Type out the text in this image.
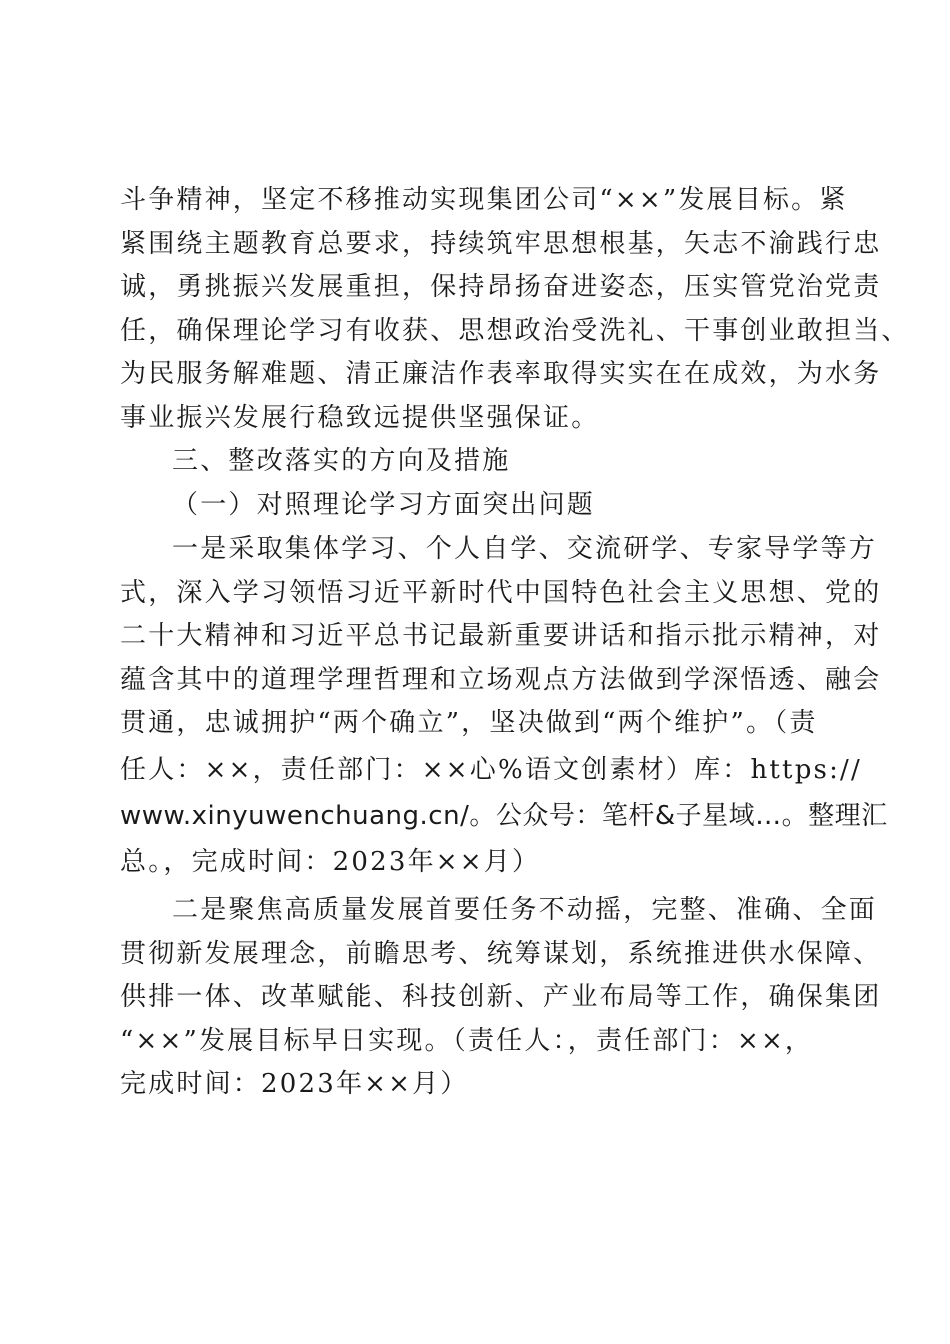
斗争精神，坚定不移推动实现集团公司“××”发展目标。紧
紧围绕主题教育总要求，持续筑牢思想根基，矢志不渝践行忠
诚，勇挑振兴发展重担，保持昂扬奋进姿态，压实管党治党责
任，确保理论学习有收获、思想政治受洗礼、干事创业敢担当、
为民服务解难题、清正廉洁作表率取得实实在在成效，为水务
事业振兴发展行稳致远提供坚强保证。
三、整改落实的方向及措施
（一）对照理论学习方面突出问题
一是采取集体学习、个人自学、交流研学、专家导学等方
式，深入学习领悟习近平新时代中国特色社会主义思想、党的
二十大精神和习近平总书记最新重要讲话和指示批示精神，对
蕴含其中的道理学理哲理和立场观点方法做到学深悟透、融会
贯通，忠诚拥护“两个确立”，坚决做到“两个维护”。（责
任人：××，责任部门：××心%语文创素材）库：https://
www.xinyuwenchuang.cn/。公众号：笔杆&子星域…。整理汇
总。，完成时间：2023年××月）
二是聚焦高质量发展首要任务不动摇，完整、准确、全面
贯彻新发展理念，前瞻思考、统筹谋划，系统推进供水保障、
供排一体、改革赋能、科技创新、产业布局等工作，确保集团
“××”发展目标早日实现。（责任人：，责任部门：××，
完成时间：2023年××月）
